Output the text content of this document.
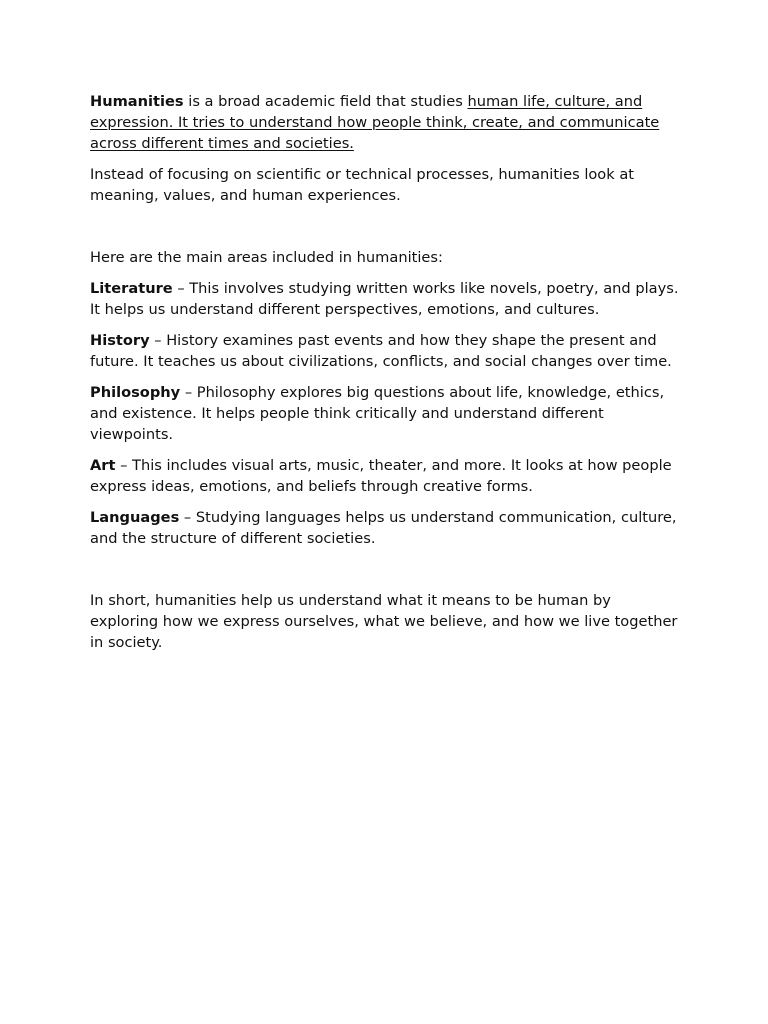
Humanities is a broad academic field that studies human life, culture, and expression. It tries to understand how people think, create, and communicate across different times and societies.

Instead of focusing on scientific or technical processes, humanities look at meaning, values, and human experiences.

Here are the main areas included in humanities:

Literature – This involves studying written works like novels, poetry, and plays. It helps us understand different perspectives, emotions, and cultures.

History – History examines past events and how they shape the present and future. It teaches us about civilizations, conflicts, and social changes over time.

Philosophy – Philosophy explores big questions about life, knowledge, ethics, and existence. It helps people think critically and understand different viewpoints.

Art – This includes visual arts, music, theater, and more. It looks at how people express ideas, emotions, and beliefs through creative forms.

Languages – Studying languages helps us understand communication, culture, and the structure of different societies.

In short, humanities help us understand what it means to be human by exploring how we express ourselves, what we believe, and how we live together in society.
